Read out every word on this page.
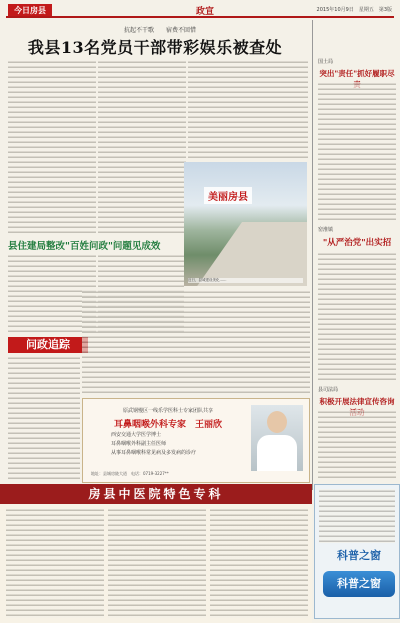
今日房县	政宣	2015年10月9日　星期五　第3版
抗起不干歌　　宿费不回惜
我县13名党员干部带彩娱乐被查处
美丽房县
近日，县城建设美化……
县住建局整改"百姓问政"问题见成效
问政追踪
原武钢慢区一线乐学医科士专家团队共享
耳鼻咽喉外科专家　王丽欣
西安交通大学医学博士
耳鼻咽喉外科副主任医师
从事耳鼻咽喉科常见病及多发病的诊疗
地址：县城房陵大道　电话：0719-3227**
国土局
突出"责任"抓好履职尽
窑淮镇
"从严治党"出实招
县司法局
积极开展法律宣传咨询
房县中医院特色专科
科普之窗
科普之窗
